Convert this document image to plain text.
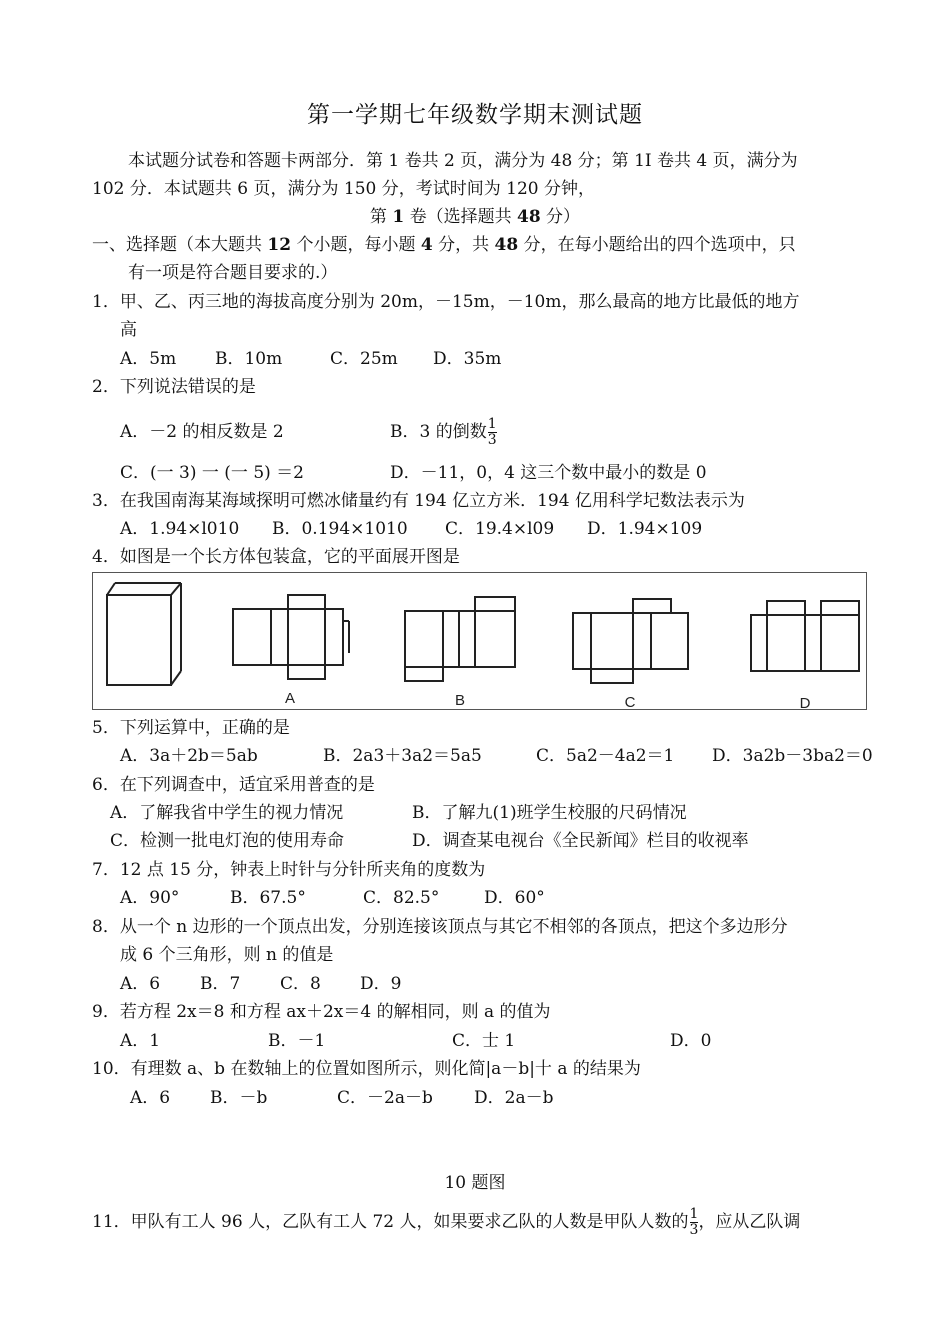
第一学期七年级数学期末测试题
本试题分试卷和答题卡两部分．第 1 卷共 2 页，满分为 48 分；第 1I 卷共 4 页，满分为
102 分．本试题共 6 页，满分为 150 分，考试时间为 120 分钟，
第 1 卷（选择题共 48 分）
一、选择题（本大题共 12 个小题，每小题 4 分，共 48 分，在每小题给出的四个选项中，只
有一项是符合题目要求的.）
1．甲、乙、丙三地的海拔高度分别为 20m，－15m，－10m，那么最高的地方比最低的地方
高
A．5m B．10m	C．25m D．35m
2．下列说法错误的是
A．－2 的相反数是 2	B．3 的倒数 $\frac{1}{3}$
C．(一 3) 一 (一 5) ＝2	D．－11，0，4 这三个数中最小的数是 0
3．在我国南海某海域探明可燃冰储量约有 194 亿立方米．194 亿用科学圮数法表示为
A．1.94×l010 B．0.194×1010 C．19.4×l09 D．1.94×109
4．如图是一个长方体包装盒，它的平面展开图是
A	B	C	D
5．下列运算中，正确的是
A．3a＋2b＝5ab	B．2a3＋3a2＝5a5	C．5a2－4a2＝1 D．3a2b－3ba2＝0
6．在下列调查中，适宜采用普查的是
A．了解我省中学生的视力情况	B．了解九(1)班学生校服的尺码情况
C．检测一批电灯泡的使用寿命	D．调查某电视台《全民新闻》栏目的收视率
7．12 点 15 分，钟表上时针与分针所夹角的度数为
A．90°	B．67.5°	C．82.5°	D．60°
8．从一个 n 边形的一个顶点出发，分别连接该顶点与其它不相邻的各顶点，把这个多边形分
成 6 个三角形，则 n 的值是
A．6 B．7 C．8 D．9
9．若方程 2x＝8 和方程 ax＋2x＝4 的解相同，则 a 的值为
A．1	B．－1	C．士 1	D．0
10．有理数 a、b 在数轴上的位置如图所示，则化简|a－b|十 a 的结果为
A．6 B．－b	C．－2a－b D．2a－b
10 题图
11．甲队有工人 96 人，乙队有工人 72 人，如果要求乙队的人数是甲队人数的 $\frac{1}{3}$ ，应从乙队调
